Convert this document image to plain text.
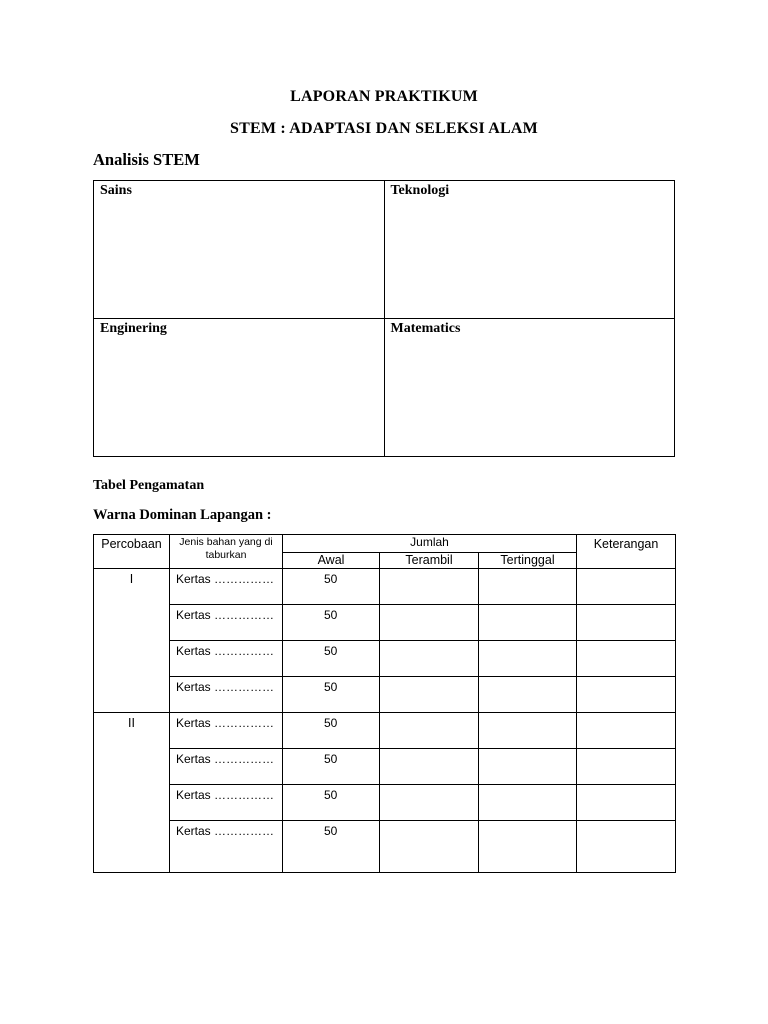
LAPORAN PRAKTIKUM
STEM : ADAPTASI DAN SELEKSI ALAM
Analisis STEM
Sains	Teknologi
Enginering	Matematics
Tabel Pengamatan
Warna Dominan Lapangan :
Percobaan	Jenis bahan yang di taburkan	Jumlah			Keterangan
		Awal	Terambil	Tertinggal	
I	Kertas ……………	50			
	Kertas ……………	50			
	Kertas ……………	50			
	Kertas ……………	50			
II	Kertas ……………	50			
	Kertas ……………	50			
	Kertas ……………	50			
	Kertas ……………	50			
